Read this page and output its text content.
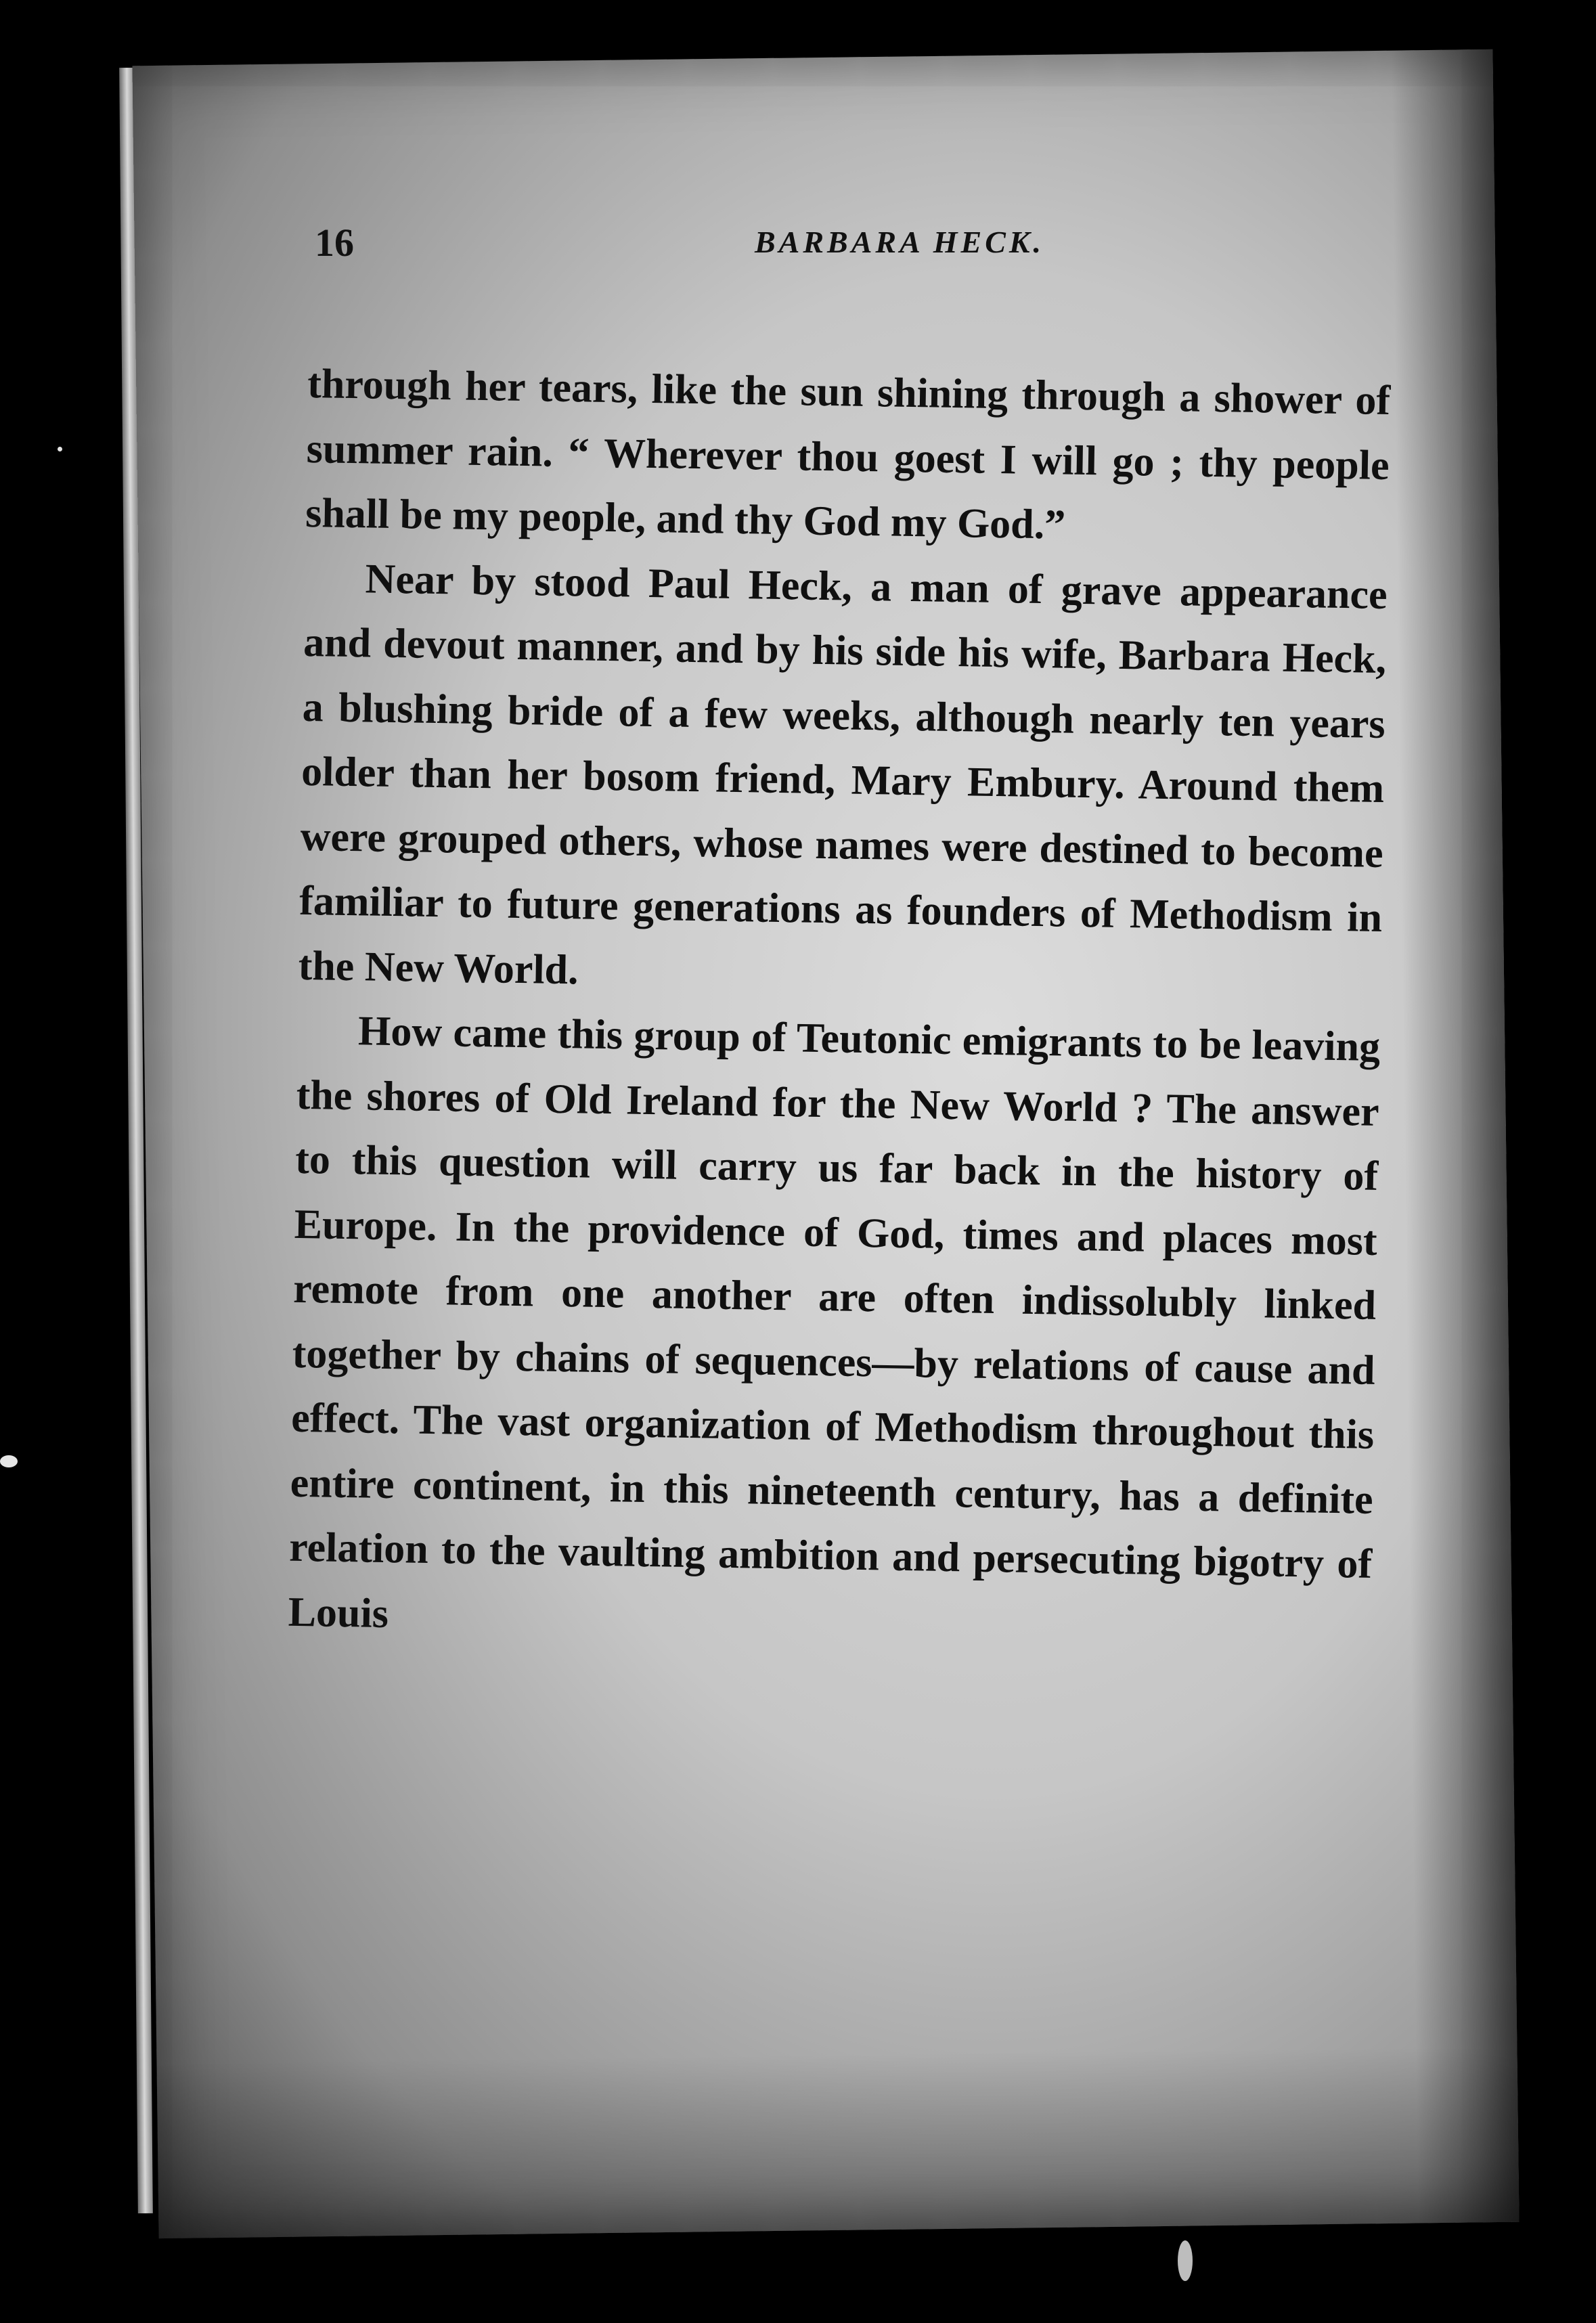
16	BARBARA HECK.

through her tears, like the sun shining through a shower of summer rain. “ Wherever thou goest I will go ; thy people shall be my people, and thy God my God.”

Near by stood Paul Heck, a man of grave appearance and devout manner, and by his side his wife, Barbara Heck, a blushing bride of a few weeks, although nearly ten years older than her bosom friend, Mary Embury. Around them were grouped others, whose names were destined to become familiar to future generations as founders of Methodism in the New World.

How came this group of Teutonic emigrants to be leaving the shores of Old Ireland for the New World ? The answer to this question will carry us far back in the history of Europe. In the providence of God, times and places most remote from one another are often indissolubly linked together by chains of sequences—by relations of cause and effect. The vast organization of Methodism throughout this entire continent, in this nineteenth century, has a definite relation to the vaulting ambition and persecuting bigotry of Louis
